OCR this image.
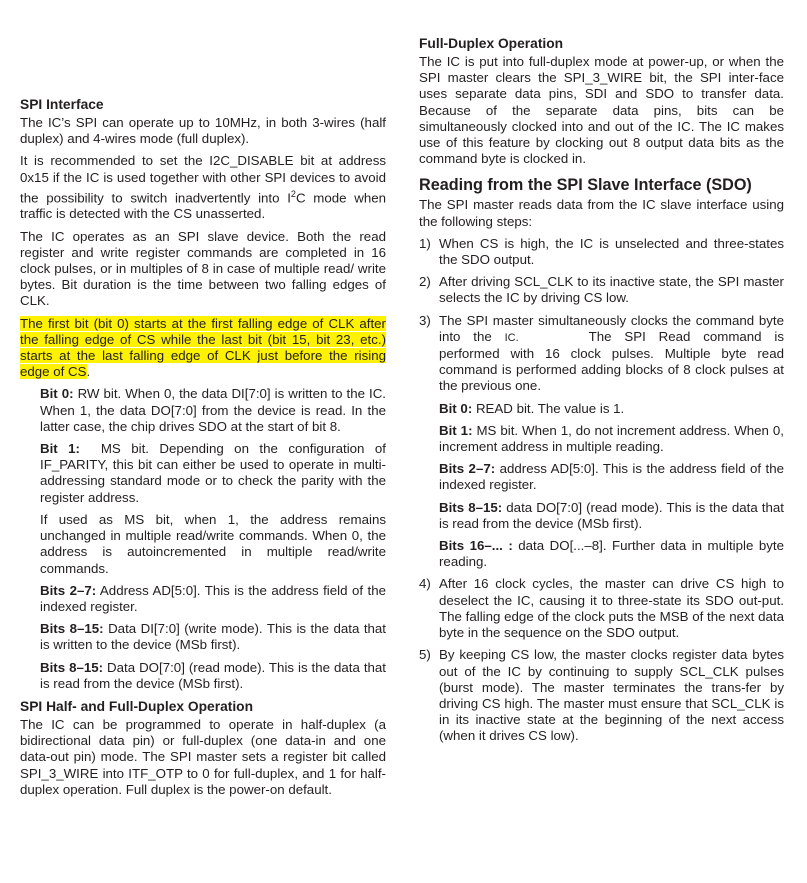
SPI Interface

The IC’s SPI can operate up to 10MHz, in both 3-wires (half duplex) and 4-wires mode (full duplex).

It is recommended to set the I2C_DISABLE bit at address 0x15 if the IC is used together with other SPI devices to avoid the possibility to switch inadvertently into $I^2C$ mode when traffic is detected with the CS unasserted.

The IC operates as an SPI slave device. Both the read register and write register commands are completed in 16 clock pulses, or in multiples of 8 in case of multiple read/ write bytes. Bit duration is the time between two falling edges of CLK.

The first bit (bit 0) starts at the first falling edge of CLK after the falling edge of CS while the last bit (bit 15, bit 23, etc.) starts at the last falling edge of CLK just before the rising edge of CS.

Bit 0: RW bit. When 0, the data DI[7:0] is written to the IC. When 1, the data DO[7:0] from the device is read. In the latter case, the chip drives SDO at the start of bit 8.

Bit 1:  MS bit. Depending on the configuration of IF_PARITY, this bit can either be used to operate in multi-addressing standard mode or to check the parity with the register address.

If used as MS bit, when 1, the address remains unchanged in multiple read/write commands. When 0, the address is autoincremented in multiple read/write commands.

Bits 2–7: Address AD[5:0]. This is the address field of the indexed register.

Bits 8–15: Data DI[7:0] (write mode). This is the data that is written to the device (MSb first).

Bits 8–15: Data DO[7:0] (read mode). This is the data that is read from the device (MSb first).

SPI Half- and Full-Duplex Operation

The IC can be programmed to operate in half-duplex (a bidirectional data pin) or full-duplex (one data-in and one data-out pin) mode. The SPI master sets a register bit called SPI_3_WIRE into ITF_OTP to 0 for full-duplex, and 1 for half-duplex operation. Full duplex is the power-on default.

Full-Duplex Operation

The IC is put into full-duplex mode at power-up, or when the SPI master clears the SPI_3_WIRE bit, the SPI inter-face uses separate data pins, SDI and SDO to transfer data. Because of the separate data pins, bits can be simultaneously clocked into and out of the IC. The IC makes use of this feature by clocking out 8 output data bits as the command byte is clocked in.

Reading from the SPI Slave Interface (SDO)

The SPI master reads data from the IC slave interface using the following steps:

1) When CS is high, the IC is unselected and three-states the SDO output.
2) After driving SCL_CLK to its inactive state, the SPI master selects the IC by driving CS low.
3) The SPI master simultaneously clocks the command byte into the IC.	The SPI Read command is performed with 16 clock pulses. Multiple byte read command is performed adding blocks of 8 clock pulses at the previous one.

Bit 0: READ bit. The value is 1.

Bit 1: MS bit. When 1, do not increment address. When 0, increment address in multiple reading.

Bits 2–7: address AD[5:0]. This is the address field of the indexed register.

Bits 8–15: data DO[7:0] (read mode). This is the data that is read from the device (MSb first).

Bits 16–... : data DO[...–8]. Further data in multiple byte reading.

4) After 16 clock cycles, the master can drive CS high to deselect the IC, causing it to three-state its SDO out-put. The falling edge of the clock puts the MSB of the next data byte in the sequence on the SDO output.
5) By keeping CS low, the master clocks register data bytes out of the IC by continuing to supply SCL_CLK pulses (burst mode). The master terminates the trans-fer by driving CS high. The master must ensure that SCL_CLK is in its inactive state at the beginning of the next access (when it drives CS low).
